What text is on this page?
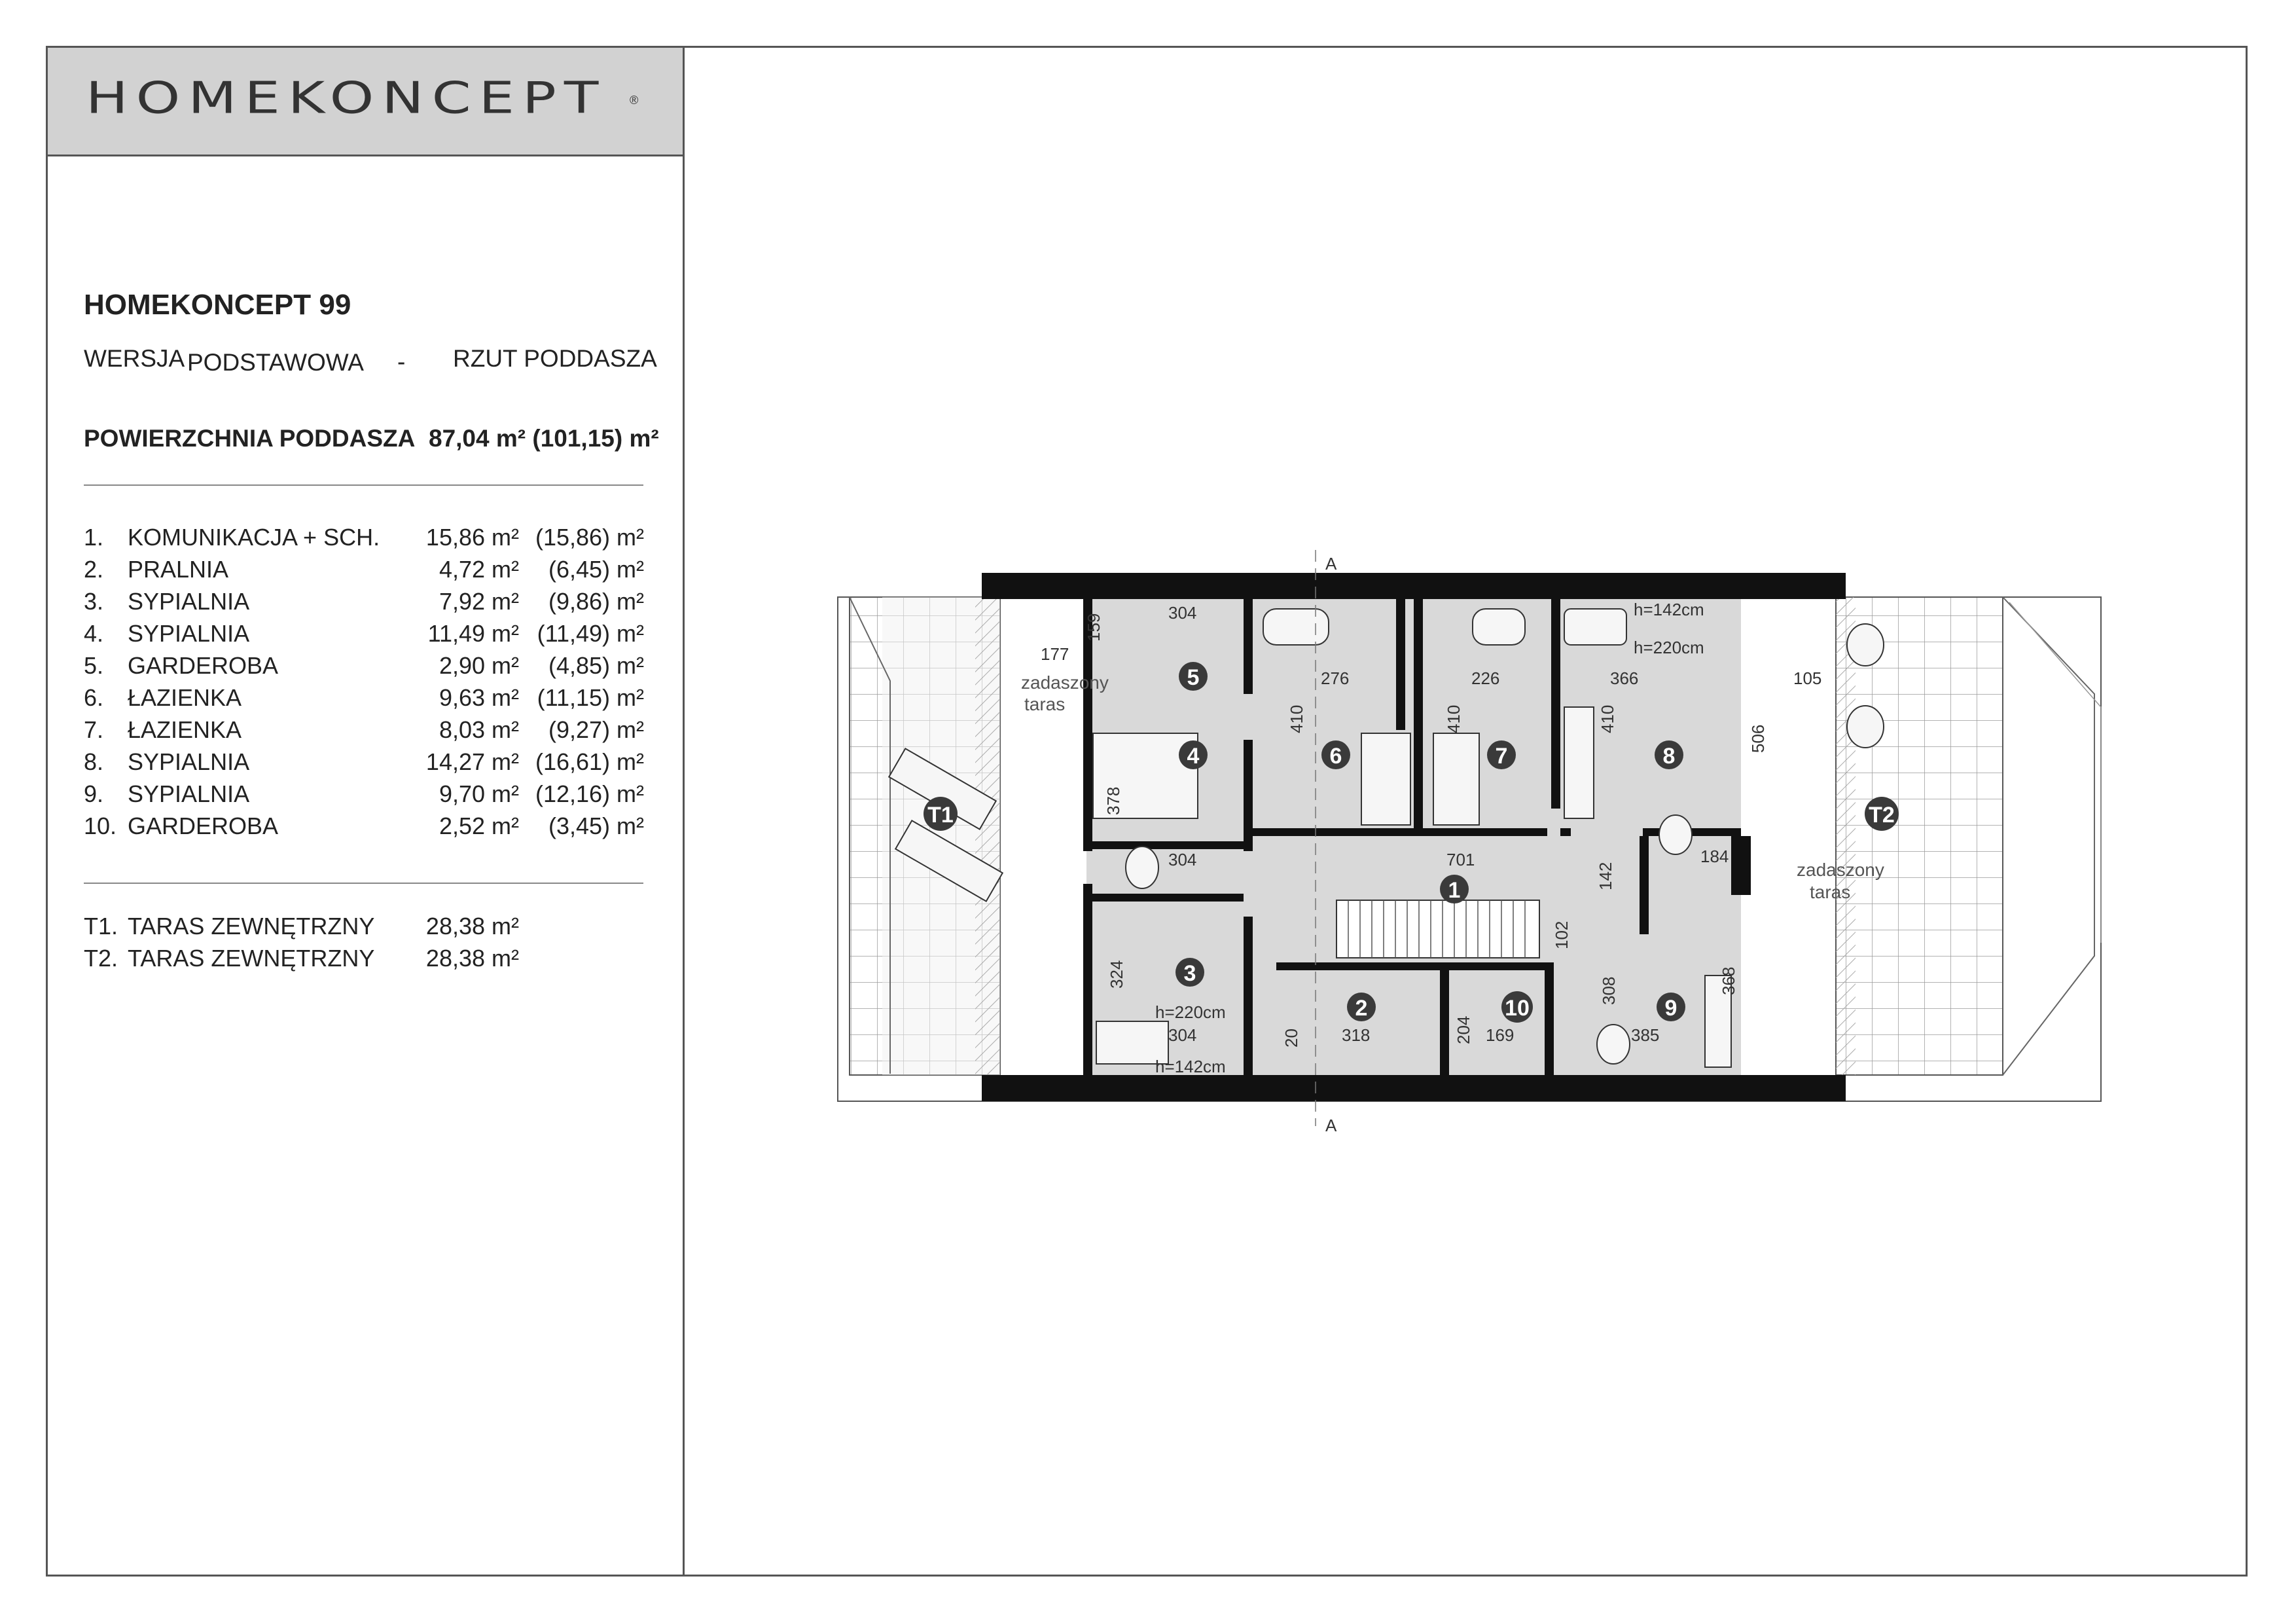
HOMEKONCEPT ®
HOMEKONCEPT 99
WERSJA PODSTAWOWA - RZUT PODDASZA
POWIERZCHNIA PODDASZA 87,04 m² (101,15) m²
1. KOMUNIKACJA + SCH. 15,86 m² (15,86) m²
2. PRALNIA	4,72 m² (6,45) m²
3. SYPIALNIA	7,92 m² (9,86) m²
4. SYPIALNIA	11,49 m² (11,49) m²
5. GARDEROBA	2,90 m² (4,85) m²
6. ŁAZIENKA	9,63 m² (11,15) m²
7. ŁAZIENKA	8,03 m² (9,27) m²
8. SYPIALNIA	14,27 m² (16,61) m²
9. SYPIALNIA	9,70 m² (12,16) m²
10. GARDEROBA	2,52 m² (3,45) m²
T1. TARAS ZEWNĘTRZNY 28,38 m²
T2. TARAS ZEWNĘTRZNY 28,38 m²
304
159
177
276	226	366	105
410	410	410
506
378
304	701
142
184
102
324
304	318	204 169
308
385
368
20
h=142cm
h=220cm
h=220cm
h=142cm
zadaszony
taras
zadaszony
taras
1
2
3
4
5
6	7	8
9
10
T1	T2
A
A
